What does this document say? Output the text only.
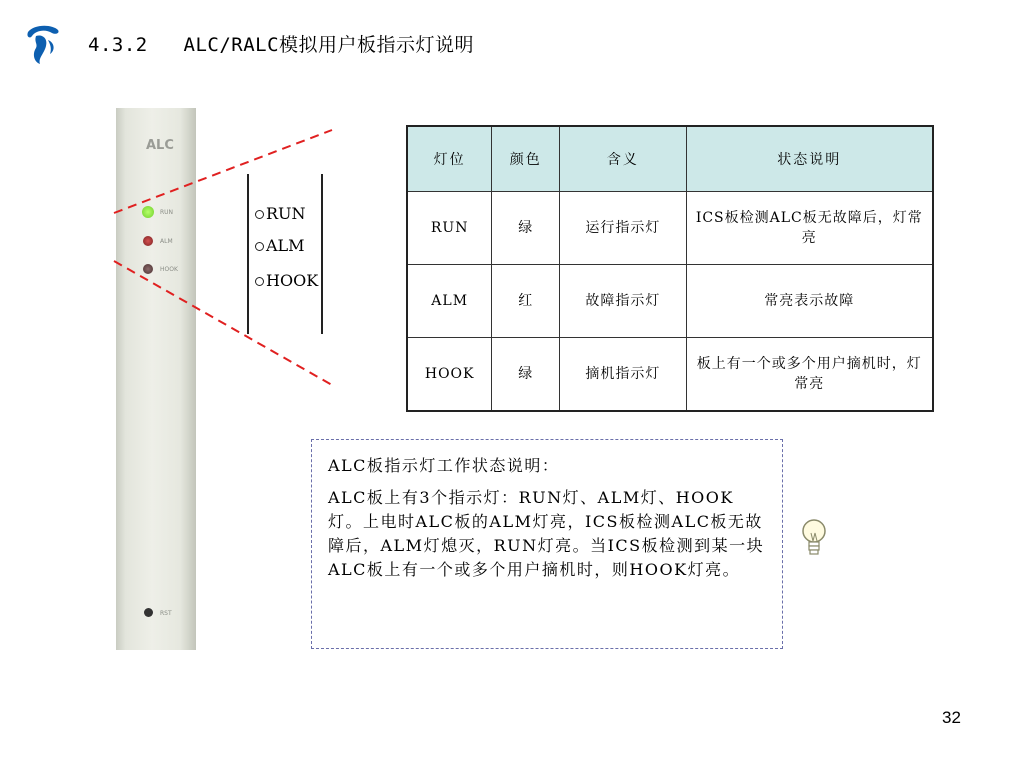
4.3.2   ALC/RALC模拟用户板指示灯说明
ALC
RUN
ALM
HOOK
RST
RUN
ALM
HOOK
灯位	颜色	含义	状态说明
RUN	绿	运行指示灯	ICS板检测ALC板无故障后，灯常亮
ALM	红	故障指示灯	常亮表示故障
HOOK	绿	摘机指示灯	板上有一个或多个用户摘机时，灯常亮
ALC板指示灯工作状态说明：
ALC板上有3个指示灯：RUN灯、ALM灯、HOOK灯。上电时ALC板的ALM灯亮，ICS板检测ALC板无故障后，ALM灯熄灭，RUN灯亮。当ICS板检测到某一块ALC板上有一个或多个用户摘机时，则HOOK灯亮。
32
